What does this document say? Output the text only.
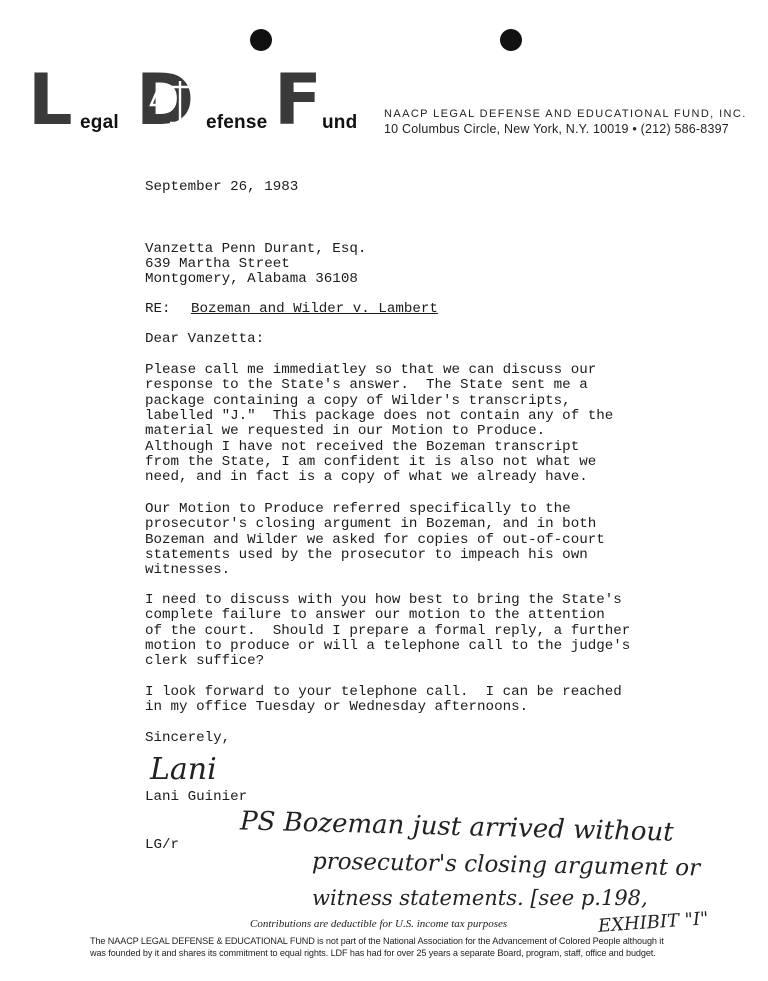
L egal D efense F und NAACP LEGAL DEFENSE AND EDUCATIONAL FUND, INC.
10 Columbus Circle, New York, N.Y. 10019 • (212) 586-8397
September 26, 1983
Vanzetta Penn Durant, Esq.
639 Martha Street
Montgomery, Alabama 36108
RE: Bozeman and Wilder v. Lambert
Dear Vanzetta:
Please call me immediatley so that we can discuss our
response to the State's answer.  The State sent me a
package containing a copy of Wilder's transcripts,
labelled "J."  This package does not contain any of the
material we requested in our Motion to Produce.
Although I have not received the Bozeman transcript
from the State, I am confident it is also not what we
need, and in fact is a copy of what we already have.
Our Motion to Produce referred specifically to the
prosecutor's closing argument in Bozeman, and in both
Bozeman and Wilder we asked for copies of out-of-court
statements used by the prosecutor to impeach his own
witnesses.
I need to discuss with you how best to bring the State's
complete failure to answer our motion to the attention
of the court.  Should I prepare a formal reply, a further
motion to produce or will a telephone call to the judge's
clerk suffice?
I look forward to your telephone call.  I can be reached
in my office Tuesday or Wednesday afternoons.
Sincerely,
Lani
Lani Guinier
LG/r PS Bozeman just arrived without
prosecutor's closing argument or
witness statements. [see p.198,
EXHIBIT "I"
Contributions are deductible for U.S. income tax purposes
The NAACP LEGAL DEFENSE & EDUCATIONAL FUND is not part of the National Association for the Advancement of Colored People although it
was founded by it and shares its commitment to equal rights. LDF has had for over 25 years a separate Board, program, staff, office and budget.
